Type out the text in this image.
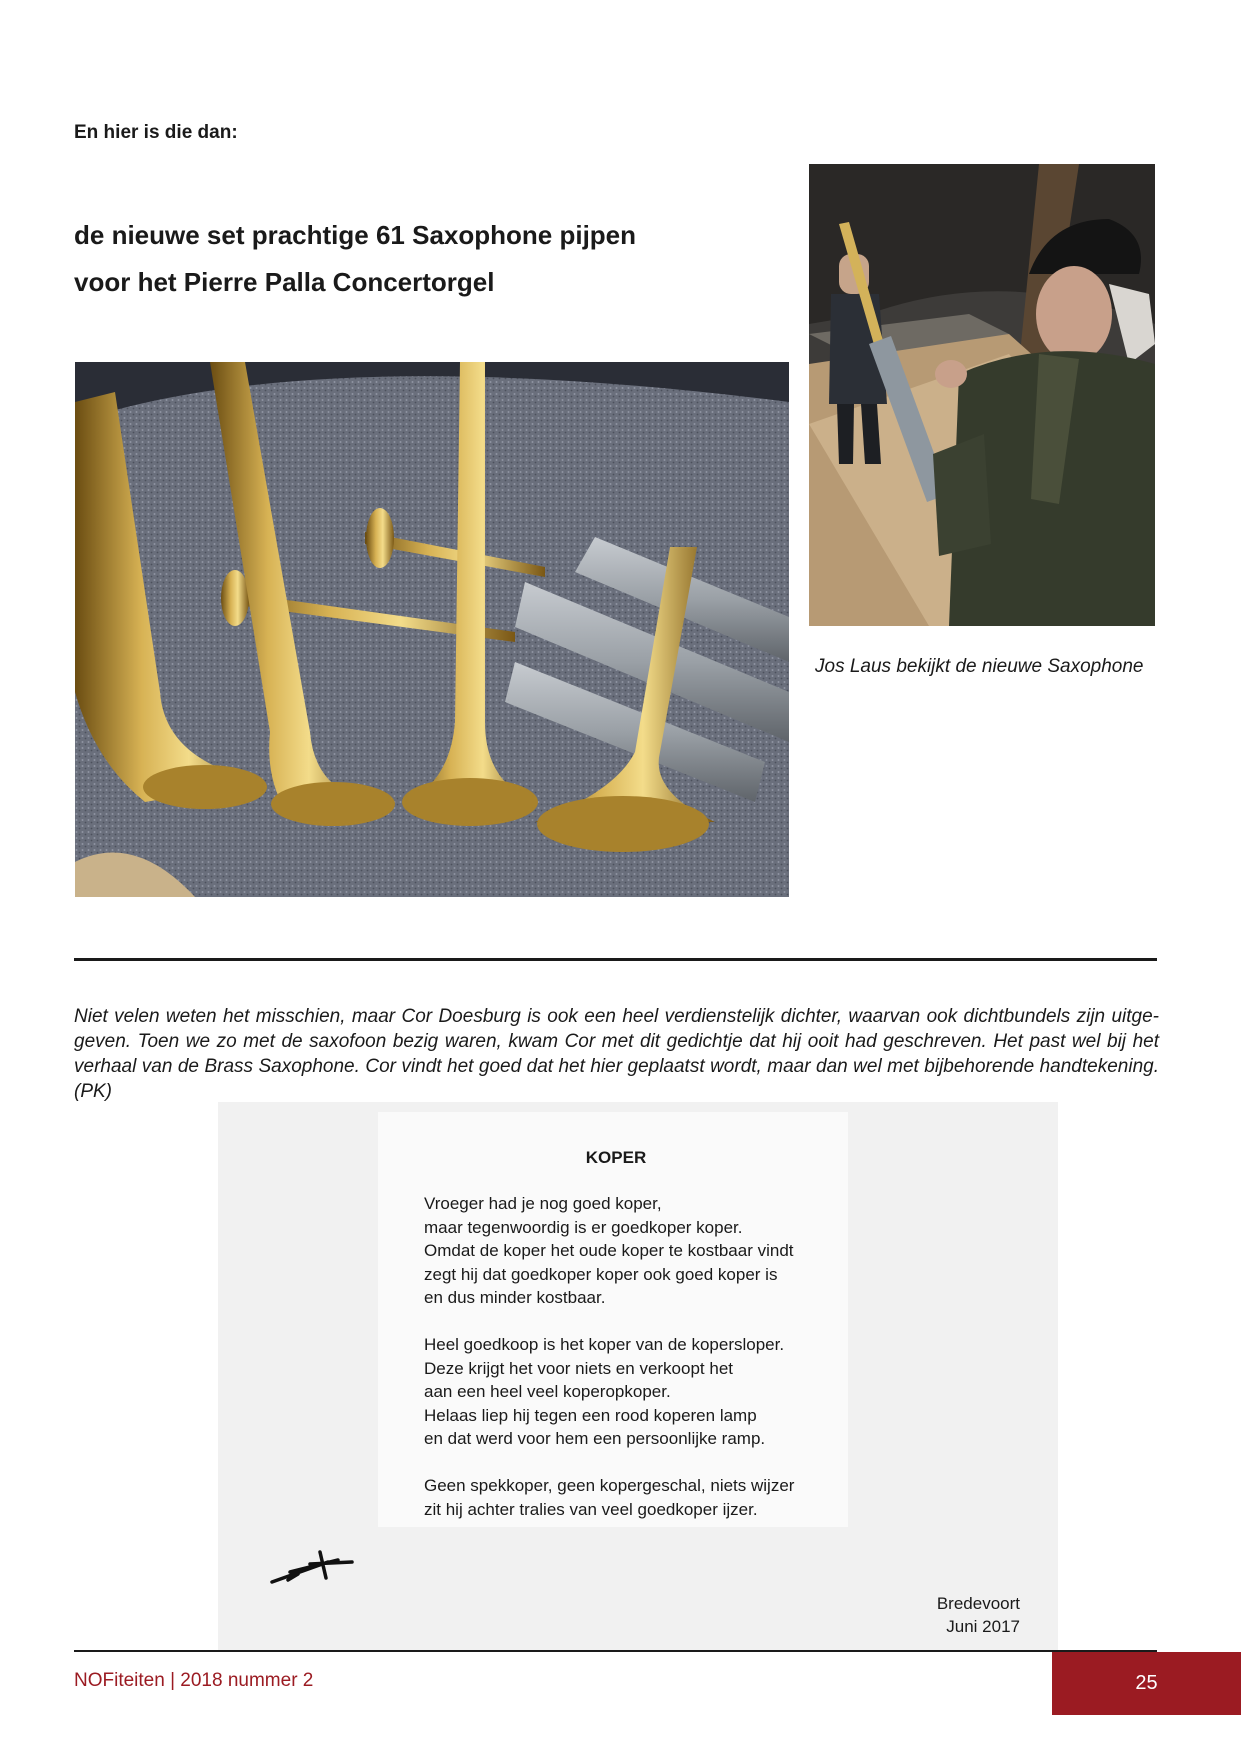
En hier is die dan:
de nieuwe set prachtige 61 Saxophone pijpen
voor het Pierre Palla Concertorgel
Jos Laus bekijkt de nieuwe Saxophone
Niet velen weten het misschien, maar Cor Doesburg is ook een heel verdienstelijk dichter, waarvan ook dichtbundels zijn uitge-geven. Toen we zo met de saxofoon bezig waren, kwam Cor met dit gedichtje dat hij ooit had geschreven. Het past wel bij het verhaal van de Brass Saxophone. Cor vindt het goed dat het hier geplaatst wordt, maar dan wel met bijbehorende handtekening. (PK)
KOPER
Vroeger had je nog goed koper,
maar tegenwoordig is er goedkoper koper.
Omdat de koper het oude koper te kostbaar vindt
zegt hij dat goedkoper koper ook goed koper is
en dus minder kostbaar.
Heel goedkoop is het koper van de kopersloper.
Deze krijgt het voor niets en verkoopt het
aan een heel veel koperopkoper.
Helaas liep hij tegen een rood koperen lamp
en dat werd voor hem een persoonlijke ramp.
Geen spekkoper, geen kopergeschal, niets wijzer
zit hij achter tralies van veel goedkoper ijzer.
Bredevoort
Juni 2017
NOFiteiten | 2018 nummer 2	25
